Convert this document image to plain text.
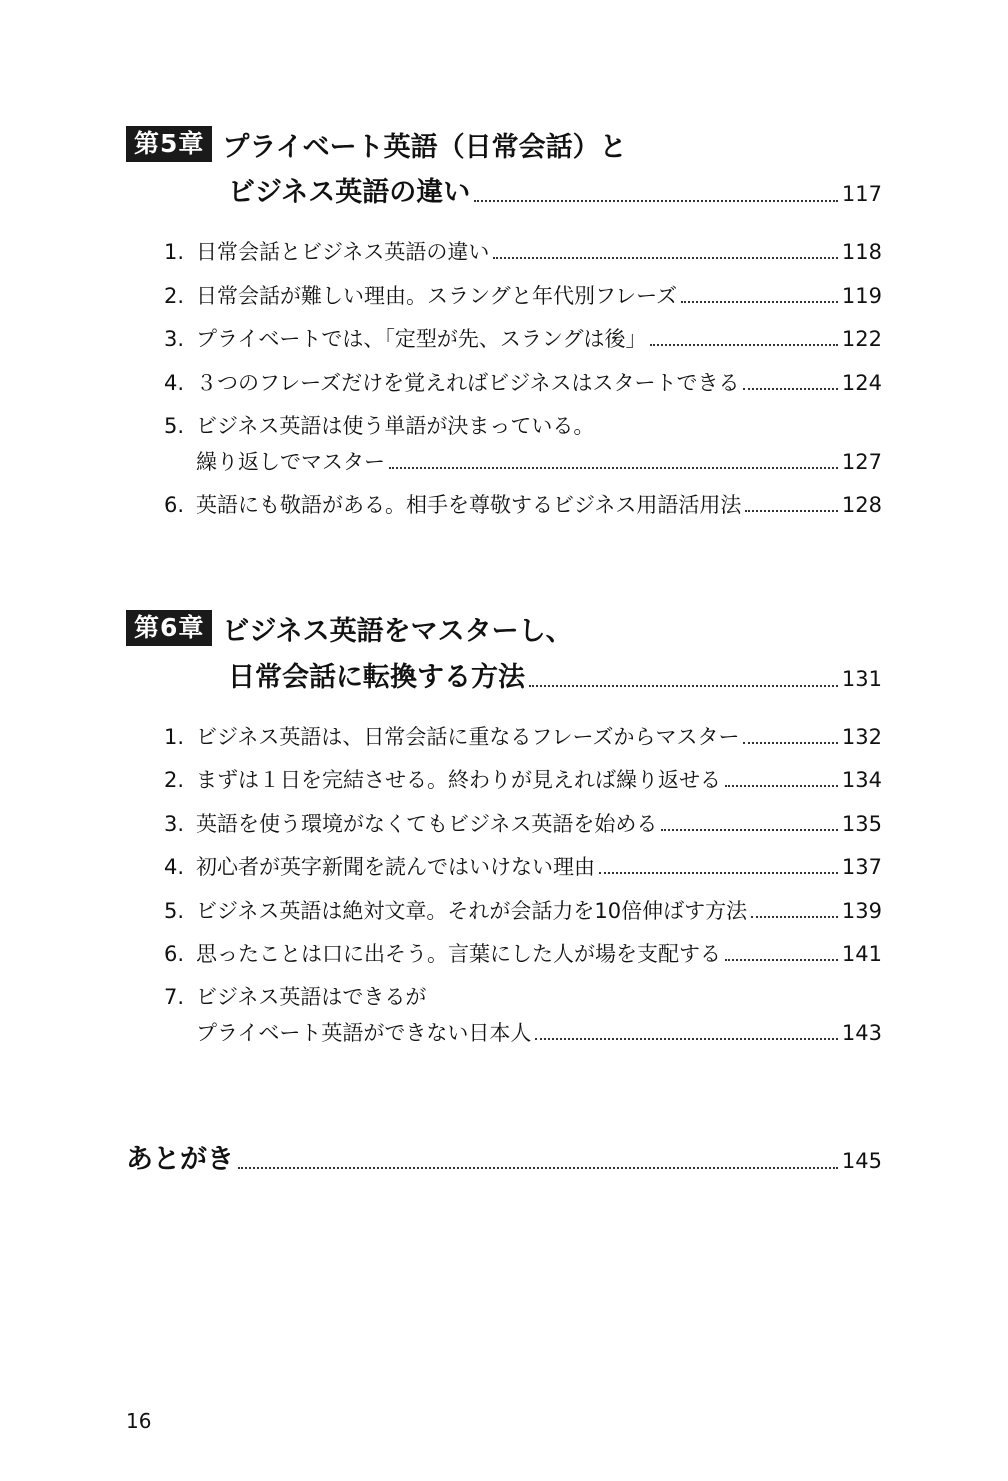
第5章 プライベート英語（日常会話）と
ビジネス英語の違い	117
1. 日常会話とビジネス英語の違い	118
2. 日常会話が難しい理由。スラングと年代別フレーズ	119
3. プライベートでは、「定型が先、スラングは後」	122
4. ３つのフレーズだけを覚えればビジネスはスタートできる	124
5. ビジネス英語は使う単語が決まっている。
繰り返しでマスター	127
6. 英語にも敬語がある。相手を尊敬するビジネス用語活用法	128
第6章 ビジネス英語をマスターし、
日常会話に転換する方法	131
1. ビジネス英語は、日常会話に重なるフレーズからマスター	132
2. まずは１日を完結させる。終わりが見えれば繰り返せる	134
3. 英語を使う環境がなくてもビジネス英語を始める	135
4. 初心者が英字新聞を読んではいけない理由	137
5. ビジネス英語は絶対文章。それが会話力を10倍伸ばす方法	139
6. 思ったことは口に出そう。言葉にした人が場を支配する	141
7. ビジネス英語はできるが
プライベート英語ができない日本人	143
あとがき	145
16
